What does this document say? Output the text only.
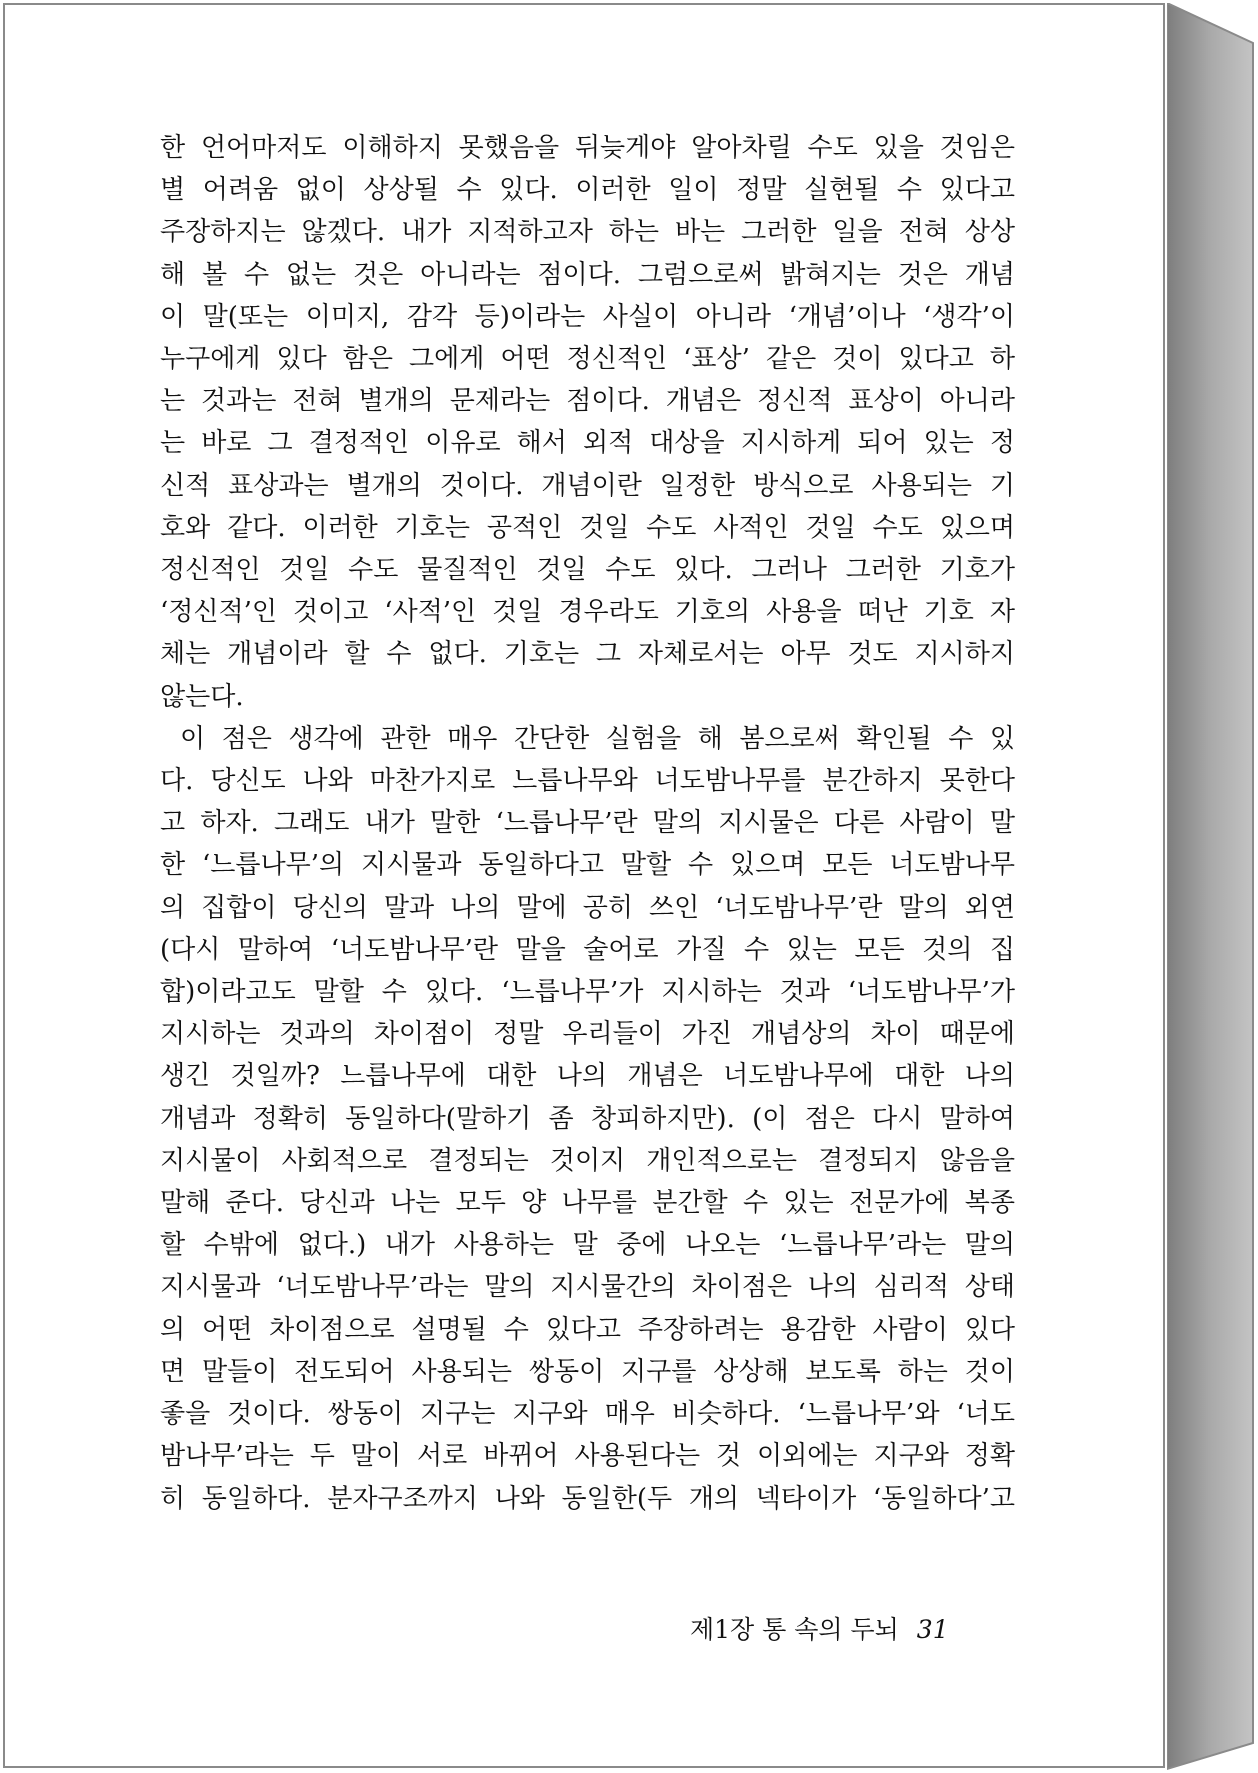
한 언어마저도 이해하지 못했음을 뒤늦게야 알아차릴 수도 있을 것임은

별 어려움 없이 상상될 수 있다. 이러한 일이 정말 실현될 수 있다고

주장하지는 않겠다. 내가 지적하고자 하는 바는 그러한 일을 전혀 상상

해 볼 수 없는 것은 아니라는 점이다. 그럼으로써 밝혀지는 것은 개념

이 말(또는 이미지, 감각 등)이라는 사실이 아니라 ‘개념’이나 ‘생각’이

누구에게 있다 함은 그에게 어떤 정신적인 ‘표상’ 같은 것이 있다고 하

는 것과는 전혀 별개의 문제라는 점이다. 개념은 정신적 표상이 아니라

는 바로 그 결정적인 이유로 해서 외적 대상을 지시하게 되어 있는 정

신적 표상과는 별개의 것이다. 개념이란 일정한 방식으로 사용되는 기

호와 같다. 이러한 기호는 공적인 것일 수도 사적인 것일 수도 있으며

정신적인 것일 수도 물질적인 것일 수도 있다. 그러나 그러한 기호가

‘정신적’인 것이고 ‘사적’인 것일 경우라도 기호의 사용을 떠난 기호 자

체는 개념이라 할 수 없다. 기호는 그 자체로서는 아무 것도 지시하지

않는다.

이 점은 생각에 관한 매우 간단한 실험을 해 봄으로써 확인될 수 있

다. 당신도 나와 마찬가지로 느릅나무와 너도밤나무를 분간하지 못한다

고 하자. 그래도 내가 말한 ‘느릅나무’란 말의 지시물은 다른 사람이 말

한 ‘느릅나무’의 지시물과 동일하다고 말할 수 있으며 모든 너도밤나무

의 집합이 당신의 말과 나의 말에 공히 쓰인 ‘너도밤나무’란 말의 외연

(다시 말하여 ‘너도밤나무’란 말을 술어로 가질 수 있는 모든 것의 집

합)이라고도 말할 수 있다. ‘느릅나무’가 지시하는 것과 ‘너도밤나무’가

지시하는 것과의 차이점이 정말 우리들이 가진 개념상의 차이 때문에

생긴 것일까? 느릅나무에 대한 나의 개념은 너도밤나무에 대한 나의

개념과 정확히 동일하다(말하기 좀 창피하지만). (이 점은 다시 말하여

지시물이 사회적으로 결정되는 것이지 개인적으로는 결정되지 않음을

말해 준다. 당신과 나는 모두 양 나무를 분간할 수 있는 전문가에 복종

할 수밖에 없다.) 내가 사용하는 말 중에 나오는 ‘느릅나무’라는 말의

지시물과 ‘너도밤나무’라는 말의 지시물간의 차이점은 나의 심리적 상태

의 어떤 차이점으로 설명될 수 있다고 주장하려는 용감한 사람이 있다

면 말들이 전도되어 사용되는 쌍동이 지구를 상상해 보도록 하는 것이

좋을 것이다. 쌍동이 지구는 지구와 매우 비슷하다. ‘느릅나무’와 ‘너도

밤나무’라는 두 말이 서로 바뀌어 사용된다는 것 이외에는 지구와 정확

히 동일하다. 분자구조까지 나와 동일한(두 개의 넥타이가 ‘동일하다’고

제1장 통 속의 두뇌 31
